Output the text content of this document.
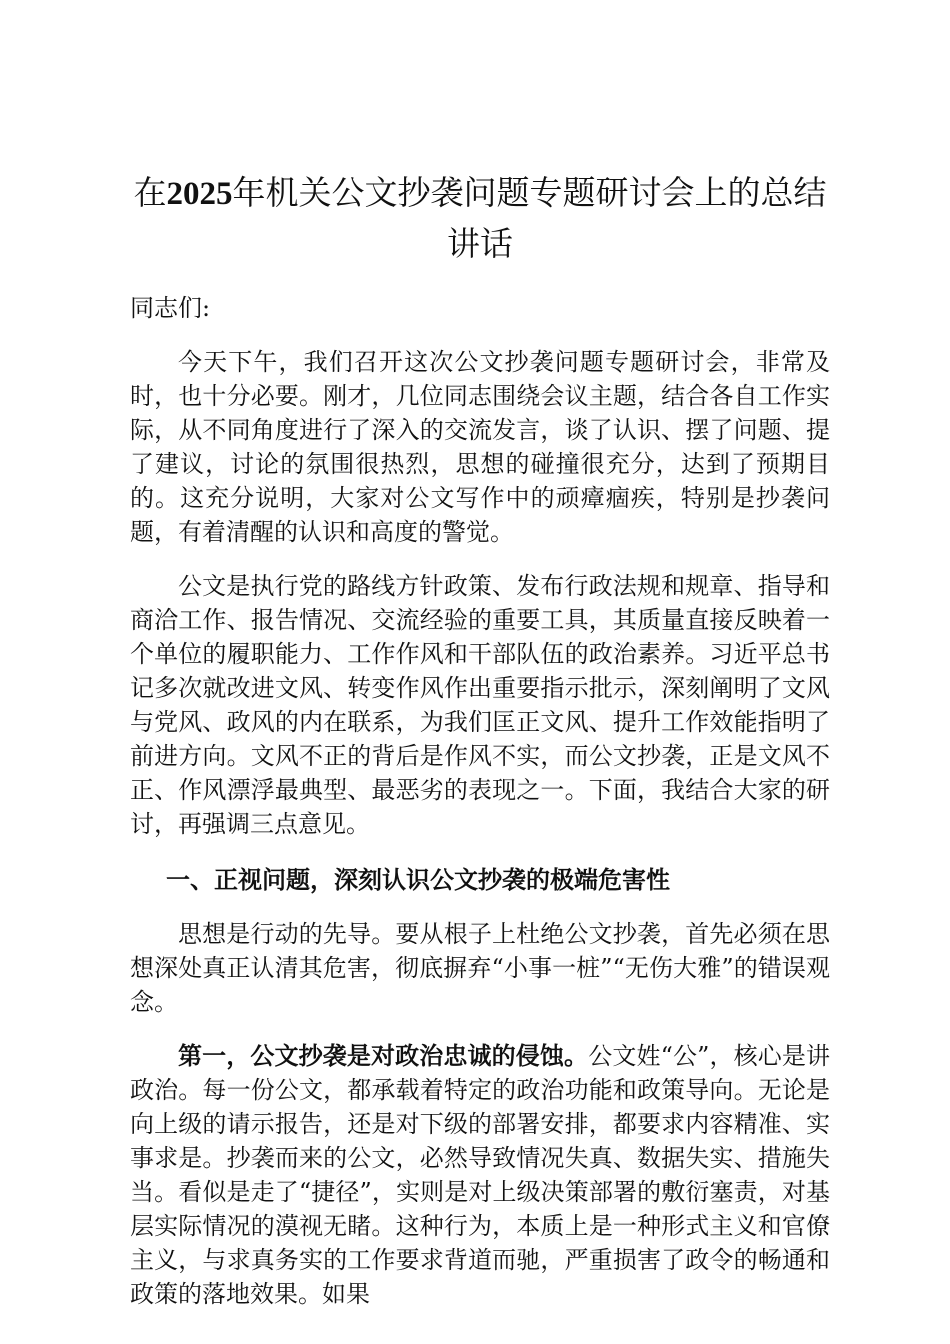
在2025年机关公文抄袭问题专题研讨会上的总结讲话

同志们:

今天下午，我们召开这次公文抄袭问题专题研讨会，非常及时，也十分必要。刚才，几位同志围绕会议主题，结合各自工作实际，从不同角度进行了深入的交流发言，谈了认识、摆了问题、提了建议，讨论的氛围很热烈，思想的碰撞很充分，达到了预期目的。这充分说明，大家对公文写作中的顽瘴痼疾，特别是抄袭问题，有着清醒的认识和高度的警觉。

公文是执行党的路线方针政策、发布行政法规和规章、指导和商洽工作、报告情况、交流经验的重要工具，其质量直接反映着一个单位的履职能力、工作作风和干部队伍的政治素养。习近平总书记多次就改进文风、转变作风作出重要指示批示，深刻阐明了文风与党风、政风的内在联系，为我们匡正文风、提升工作效能指明了前进方向。文风不正的背后是作风不实，而公文抄袭，正是文风不正、作风漂浮最典型、最恶劣的表现之一。下面，我结合大家的研讨，再强调三点意见。

一、正视问题，深刻认识公文抄袭的极端危害性

思想是行动的先导。要从根子上杜绝公文抄袭，首先必须在思想深处真正认清其危害，彻底摒弃“小事一桩”“无伤大雅”的错误观念。

第一，公文抄袭是对政治忠诚的侵蚀。公文姓“公”，核心是讲政治。每一份公文，都承载着特定的政治功能和政策导向。无论是向上级的请示报告，还是对下级的部署安排，都要求内容精准、实事求是。抄袭而来的公文，必然导致情况失真、数据失实、措施失当。看似是走了“捷径”，实则是对上级决策部署的敷衍塞责，对基层实际情况的漠视无睹。这种行为，本质上是一种形式主义和官僚主义，与求真务实的工作要求背道而驰，严重损害了政令的畅通和政策的落地效果。如果
